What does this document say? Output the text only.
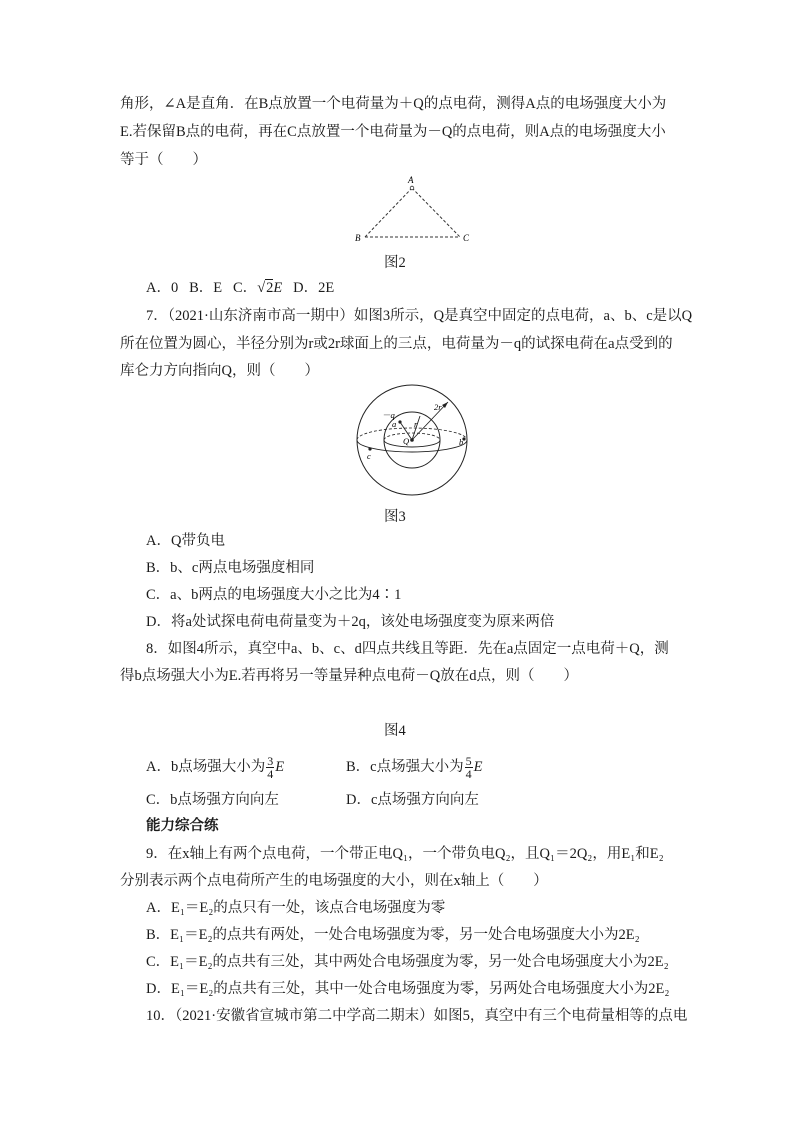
角形，∠A是直角．在B点放置一个电荷量为＋Q的点电荷，测得A点的电场强度大小为
E.若保留B点的电荷，再在C点放置一个电荷量为－Q的点电荷，则A点的电场强度大小
等于（　　）
A
B	C
图2
A．0 B．E C．√2E D．2E
7．（2021·山东济南市高一期中）如图3所示，Q是真空中固定的点电荷，a、b、c是以Q
所在位置为圆心，半径分别为r或2r球面上的三点，电荷量为－q的试探电荷在a点受到的
库仑力方向指向Q，则（　　）
－q
a r
2r
Q	b
c
图3
A．Q带负电
B．b、c两点电场强度相同
C．a、b两点的电场强度大小之比为4∶1
D．将a处试探电荷电荷量变为＋2q，该处电场强度变为原来两倍
8．如图4所示，真空中a、b、c、d四点共线且等距．先在a点固定一点电荷＋Q，测
得b点场强大小为E.若再将另一等量异种点电荷－Q放在d点，则（　　）
图4
A．b点场强大小为 $\frac{3}{4}$ E	B．c点场强大小为 $\frac{5}{4}$ E
C．b点场强方向向左	D．c点场强方向向左
能力综合练
9．在x轴上有两个点电荷，一个带正电Q₁，一个带负电Q₂，且Q₁＝2Q₂，用E₁和E₂
分别表示两个点电荷所产生的电场强度的大小，则在x轴上（　　）
A．E₁＝E₂的点只有一处，该点合电场强度为零
B．E₁＝E₂的点共有两处，一处合电场强度为零，另一处合电场强度大小为2E₂
C．E₁＝E₂的点共有三处，其中两处合电场强度为零，另一处合电场强度大小为2E₂
D．E₁＝E₂的点共有三处，其中一处合电场强度为零，另两处合电场强度大小为2E₂
10．（2021·安徽省宣城市第二中学高二期末）如图5，真空中有三个电荷量相等的点电
